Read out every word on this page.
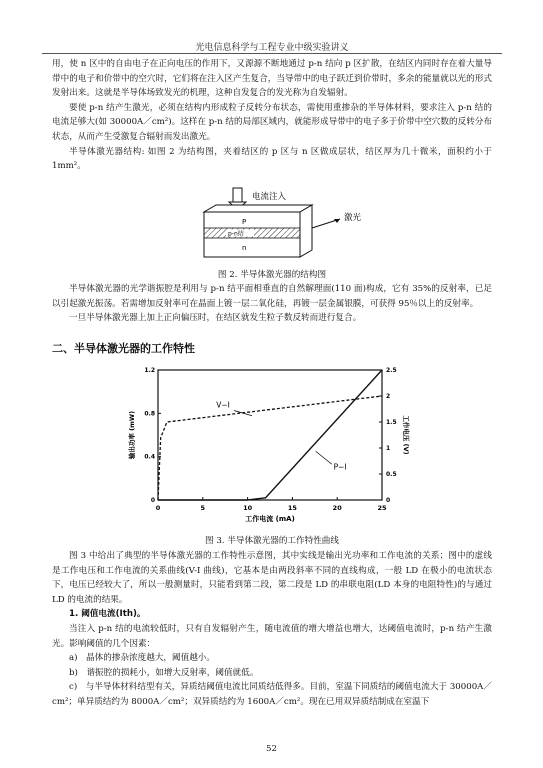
光电信息科学与工程专业中级实验讲义

用，使 n 区中的自由电子在正向电压的作用下，又源源不断地通过 p-n 结向 p 区扩散，在结区内同时存在着大量导带中的电子和价带中的空穴时，它们将在注入区产生复合，当导带中的电子跃迁到价带时，多余的能量就以光的形式发射出来。这就是半导体场致发光的机理，这种自发复合的发光称为自发辐射。

要使 p-n 结产生激光，必须在结构内形成粒子反转分布状态，需使用重掺杂的半导体材料，要求注入 p-n 结的电流足够大(如 30000A／cm²)。这样在 p-n 结的局部区域内，就能形成导带中的电子多于价带中空穴数的反转分布状态，从而产生受激复合辐射而发出激光。

半导体激光器结构: 如图 2 为结构图，夹着结区的 p 区与 n 区做成层状，结区厚为几十微米，面积约小于 1mm²。

电流注入
P
p-n结
n
激光
图 2. 半导体激光器的结构图

半导体激光器的光学谐振腔是利用与 p-n 结平面相垂直的自然解理面(110 面)构成，它有 35%的反射率，已足以引起激光振荡。若需增加反射率可在晶面上镀一层二氧化硅，再镀一层金属银膜，可获得 95％以上的反射率。

一旦半导体激光器上加上正向偏压时，在结区就发生粒子数反转而进行复合。

二、半导体激光器的工作特性
0	5	10	15	20	25
0
0.4
0.8
1.2
0
0.5
1
1.5
2
2.5
工作电流 (mA)
输出功率 (mW)	工作电压 (V)
V−I
P−I
图 3. 半导体激光器的工作特性曲线

图 3 中给出了典型的半导体激光器的工作特性示意图，其中实线是输出光功率和工作电流的关系；图中的虚线是工作电压和工作电流的关系曲线(V-I 曲线)，它基本是由两段斜率不同的直线构成，一般 LD 在极小的电流状态下，电压已经较大了，所以一般测量时，只能看到第二段，第二段是 LD 的串联电阻(LD 本身的电阻特性)的与通过 LD 的电流的结果。

1. 阈值电流(Ith)。

当注入 p-n 结的电流较低时，只有自发辐射产生，随电流值的增大增益也增大，达阈值电流时，p-n 结产生激光。影响阈值的几个因素：

a)　晶体的掺杂浓度越大，阈值越小。

b)　谐振腔的损耗小，如增大反射率，阈值就低。

c)　与半导体材料结型有关，异质结阈值电流比同质结低得多。目前，室温下同质结的阈值电流大于 30000A／cm²；单异质结约为 8000A／cm²；双异质结约为 1600A／cm²。现在已用双异质结制成在室温下

52
